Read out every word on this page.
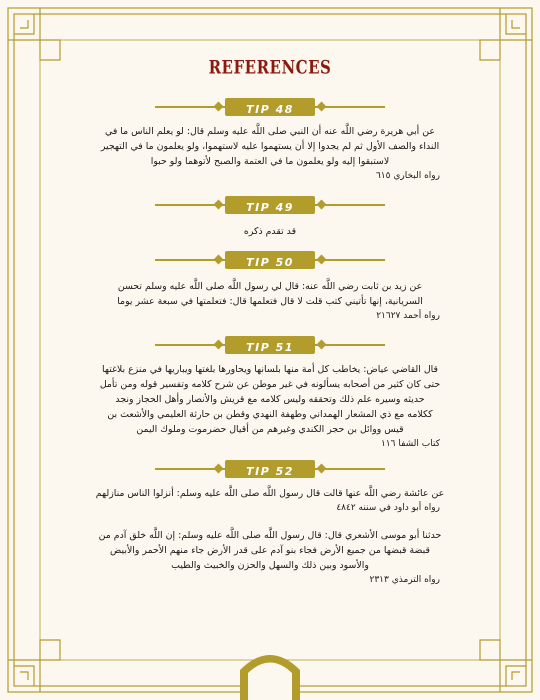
REFERENCES
TIP 48

عن أبي هريرة رضي اللَّه عنه أن النبي صلى اللَّه عليه وسلم قال: لو يعلم الناس ما في

النداء والصف الأول ثم لم يجدوا إلا أن يستهموا عليه لاستهموا، ولو يعلمون ما في التهجير

لاستبقوا إليه ولو يعلمون ما في العتمة والصبح لأتوهما ولو حبوا

رواه البخاري ٦١٥

TIP 49

قد تقدم ذكره

TIP 50

عن زيد بن ثابت رضي اللَّه عنه: قال لي رسول اللَّه صلى اللَّه عليه وسلم تحسن

السريانية، إنها تأتيني كتب قلت لا قال فتعلمها قال: فتعلمتها في سبعة عشر يوما

رواه أحمد ٢١٦٢٧

TIP 51

قال القاضي عياض: يخاطب كل أمة منها بلسانها ويحاورها بلغتها ويباريها في منزع بلاغتها

حتى كان كثير من أصحابه يسألونه في غير موطن عن شرح كلامه وتفسير قوله ومن تأمل

حديثه وسيره علم ذلك وتحققه وليس كلامه مع قريش والأنصار وأهل الحجاز ونجد

ككلامه مع ذي المشعار الهمداني وطهفة النهدي وقطن بن حارثة العليمي والأشعث بن

قيس ووائل بن حجر الكندي وغيرهم من أقيال حضرموت وملوك اليمن

كتاب الشفا ١١٦

TIP 52

عن عائشة رضي اللَّه عنها قالت قال رسول اللَّه صلى اللَّه عليه وسلم: أنزلوا الناس منازلهم

رواه أبو داود في سننه ٤٨٤٢

حدثنا أبو موسى الأشعري قال: قال رسول اللَّه صلى اللَّه عليه وسلم: إن اللَّه خلق آدم من

قبضة قبضها من جميع الأرض فجاء بنو آدم على قدر الأرض جاء منهم الأحمر والأبيض

والأسود وبين ذلك والسهل والحزن والخبيث والطيب

رواه الترمذي ٢٣١٣
